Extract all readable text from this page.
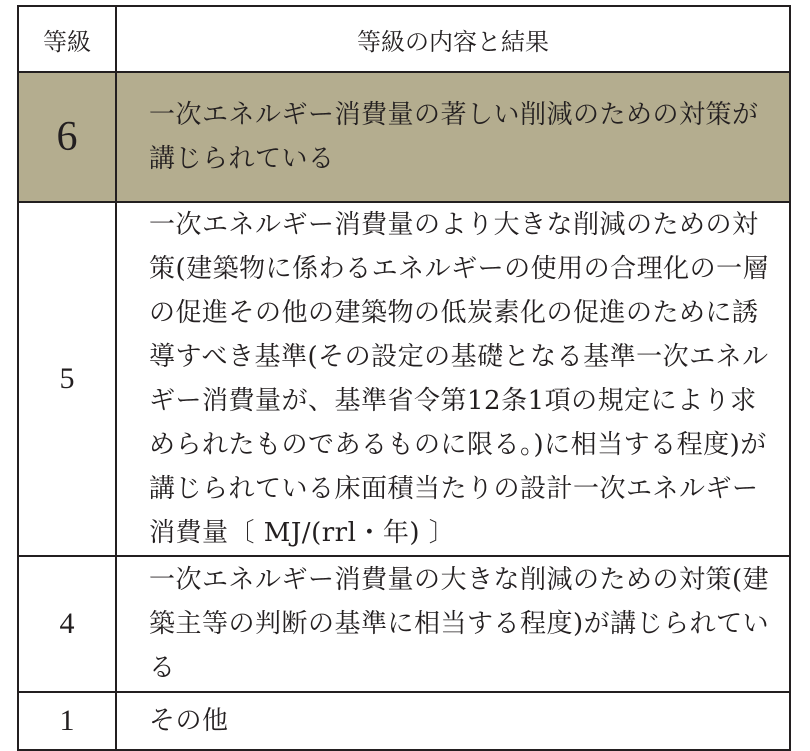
等級	等級の内容と結果
6	一次エネルギー消費量の著しい削減のための対策が講じられている
5	一次エネルギー消費量のより大きな削減のための対策(建築物に係わるエネルギーの使用の合理化の一層の促進その他の建築物の低炭素化の促進のために誘導すべき基準(その設定の基礎となる基準一次エネルギー消費量が、基準省令第12条1項の規定により求められたものであるものに限る。)に相当する程度)が講じられている床面積当たりの設計一次エネルギー消費量〔 MJ/(rrl・年) 〕
4	一次エネルギー消費量の大きな削減のための対策(建築主等の判断の基準に相当する程度)が講じられている
1	その他
